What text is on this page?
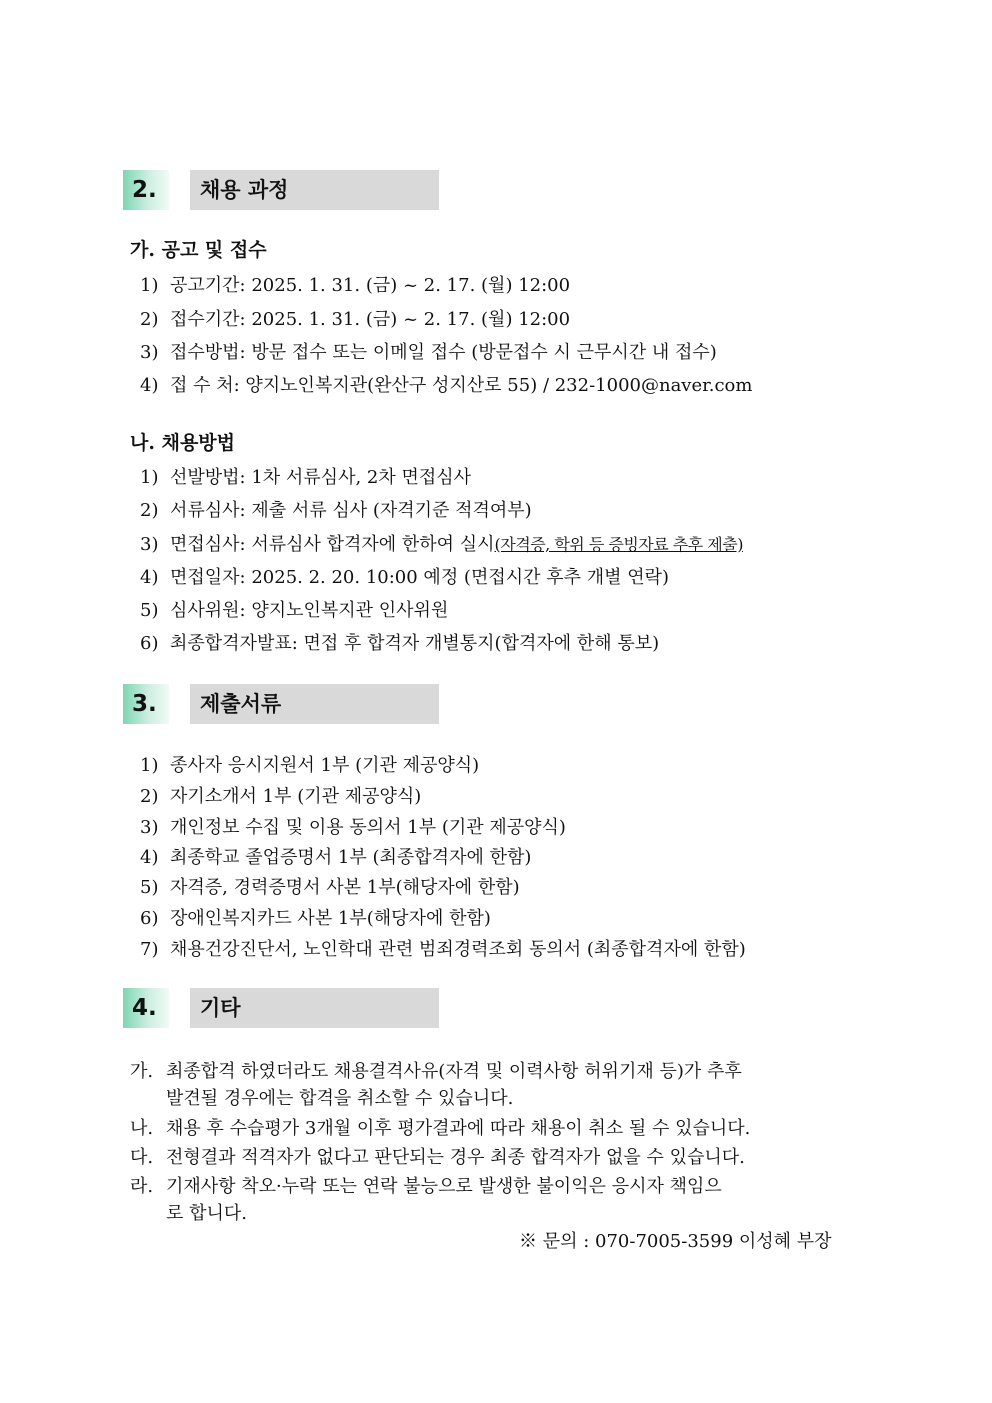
2.	채용 과정
가. 공고 및 접수
1) 공고기간: 2025. 1. 31. (금) ~ 2. 17. (월) 12:00
2) 접수기간: 2025. 1. 31. (금) ~ 2. 17. (월) 12:00
3) 접수방법: 방문 접수 또는 이메일 접수 (방문접수 시 근무시간 내 접수)
4) 접 수 처: 양지노인복지관(완산구 성지산로 55) / 232-1000@naver.com
나. 채용방법
1) 선발방법: 1차 서류심사, 2차 면접심사
2) 서류심사: 제출 서류 심사 (자격기준 적격여부)
3) 면접심사: 서류심사 합격자에 한하여 실시(자격증, 학위 등 증빙자료 추후 제출)
4) 면접일자: 2025. 2. 20. 10:00 예정 (면접시간 후추 개별 연락)
5) 심사위원: 양지노인복지관 인사위원
6) 최종합격자발표: 면접 후 합격자 개별통지(합격자에 한해 통보)
3.	제출서류
1) 종사자 응시지원서 1부 (기관 제공양식)
2) 자기소개서 1부 (기관 제공양식)
3) 개인정보 수집 및 이용 동의서 1부 (기관 제공양식)
4) 최종학교 졸업증명서 1부 (최종합격자에 한함)
5) 자격증, 경력증명서 사본 1부(해당자에 한함)
6) 장애인복지카드 사본 1부(해당자에 한함)
7) 채용건강진단서, 노인학대 관련 범죄경력조회 동의서 (최종합격자에 한함)
4.	기타
가. 최종합격 하였더라도 채용결격사유(자격 및 이력사항 허위기재 등)가 추후
발견될 경우에는 합격을 취소할 수 있습니다.
나. 채용 후 수습평가 3개월 이후 평가결과에 따라 채용이 취소 될 수 있습니다.
다. 전형결과 적격자가 없다고 판단되는 경우 최종 합격자가 없을 수 있습니다.
라. 기재사항 착오·누락 또는 연락 불능으로 발생한 불이익은 응시자 책임으
로 합니다.
※ 문의 : 070-7005-3599 이성혜 부장
